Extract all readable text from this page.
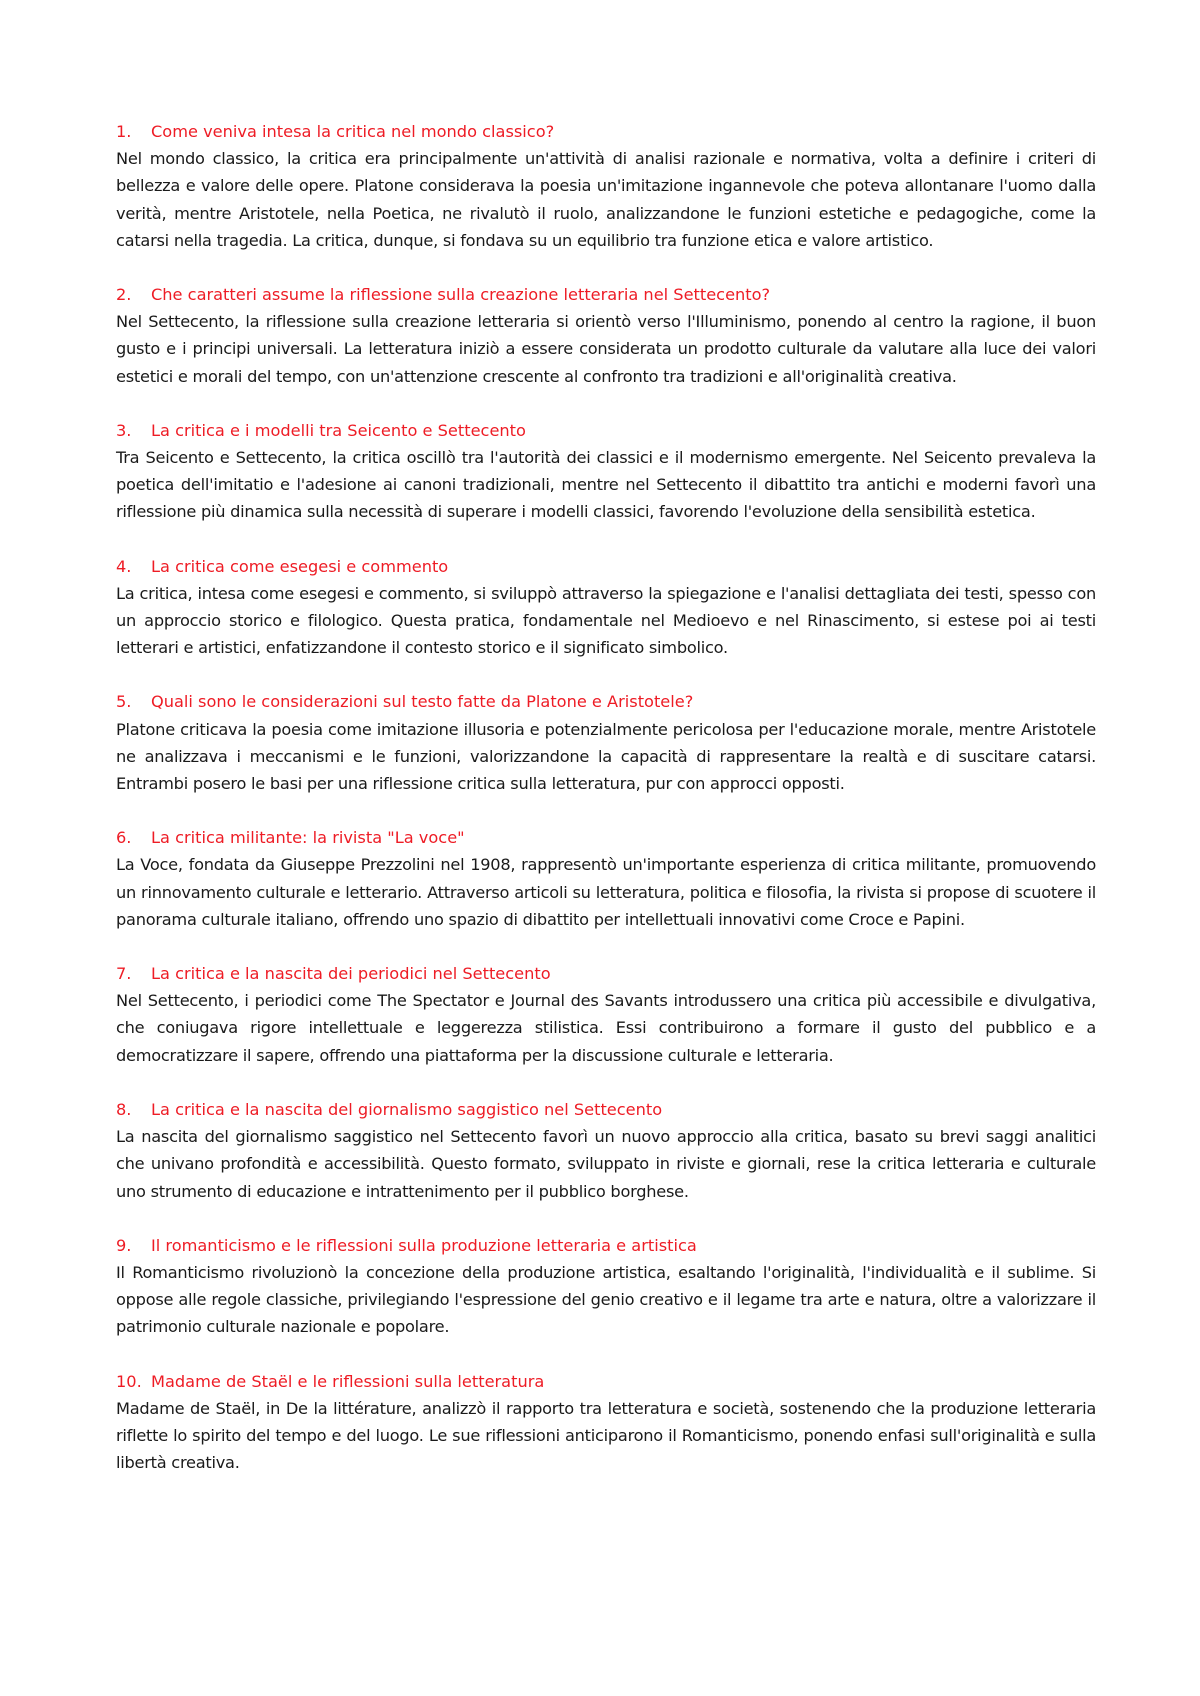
1.	Come veniva intesa la critica nel mondo classico?

Nel mondo classico, la critica era principalmente un'attività di analisi razionale e normativa, volta a definire i criteri di bellezza e valore delle opere. Platone considerava la poesia un'imitazione ingannevole che poteva allontanare l'uomo dalla verità, mentre Aristotele, nella Poetica, ne rivalutò il ruolo, analizzandone le funzioni estetiche e pedagogiche, come la catarsi nella tragedia. La critica, dunque, si fondava su un equilibrio tra funzione etica e valore artistico.

2.	Che caratteri assume la riflessione sulla creazione letteraria nel Settecento?

Nel Settecento, la riflessione sulla creazione letteraria si orientò verso l'Illuminismo, ponendo al centro la ragione, il buon gusto e i principi universali. La letteratura iniziò a essere considerata un prodotto culturale da valutare alla luce dei valori estetici e morali del tempo, con un'attenzione crescente al confronto tra tradizioni e all'originalità creativa.

3.	La critica e i modelli tra Seicento e Settecento

Tra Seicento e Settecento, la critica oscillò tra l'autorità dei classici e il modernismo emergente. Nel Seicento prevaleva la poetica dell'imitatio e l'adesione ai canoni tradizionali, mentre nel Settecento il dibattito tra antichi e moderni favorì una riflessione più dinamica sulla necessità di superare i modelli classici, favorendo l'evoluzione della sensibilità estetica.

4.	La critica come esegesi e commento

La critica, intesa come esegesi e commento, si sviluppò attraverso la spiegazione e l'analisi dettagliata dei testi, spesso con un approccio storico e filologico. Questa pratica, fondamentale nel Medioevo e nel Rinascimento, si estese poi ai testi letterari e artistici, enfatizzandone il contesto storico e il significato simbolico.

5.	Quali sono le considerazioni sul testo fatte da Platone e Aristotele?

Platone criticava la poesia come imitazione illusoria e potenzialmente pericolosa per l'educazione morale, mentre Aristotele ne analizzava i meccanismi e le funzioni, valorizzandone la capacità di rappresentare la realtà e di suscitare catarsi. Entrambi posero le basi per una riflessione critica sulla letteratura, pur con approcci opposti.

6.	La critica militante: la rivista "La voce"

La Voce, fondata da Giuseppe Prezzolini nel 1908, rappresentò un'importante esperienza di critica militante, promuovendo un rinnovamento culturale e letterario. Attraverso articoli su letteratura, politica e filosofia, la rivista si propose di scuotere il panorama culturale italiano, offrendo uno spazio di dibattito per intellettuali innovativi come Croce e Papini.

7.	La critica e la nascita dei periodici nel Settecento

Nel Settecento, i periodici come The Spectator e Journal des Savants introdussero una critica più accessibile e divulgativa, che coniugava rigore intellettuale e leggerezza stilistica. Essi contribuirono a formare il gusto del pubblico e a democratizzare il sapere, offrendo una piattaforma per la discussione culturale e letteraria.

8.	La critica e la nascita del giornalismo saggistico nel Settecento

La nascita del giornalismo saggistico nel Settecento favorì un nuovo approccio alla critica, basato su brevi saggi analitici che univano profondità e accessibilità. Questo formato, sviluppato in riviste e giornali, rese la critica letteraria e culturale uno strumento di educazione e intrattenimento per il pubblico borghese.

9.	Il romanticismo e le riflessioni sulla produzione letteraria e artistica

Il Romanticismo rivoluzionò la concezione della produzione artistica, esaltando l'originalità, l'individualità e il sublime. Si oppose alle regole classiche, privilegiando l'espressione del genio creativo e il legame tra arte e natura, oltre a valorizzare il patrimonio culturale nazionale e popolare.

10. Madame de Staël e le riflessioni sulla letteratura

Madame de Staël, in De la littérature, analizzò il rapporto tra letteratura e società, sostenendo che la produzione letteraria riflette lo spirito del tempo e del luogo. Le sue riflessioni anticiparono il Romanticismo, ponendo enfasi sull'originalità e sulla libertà creativa.
